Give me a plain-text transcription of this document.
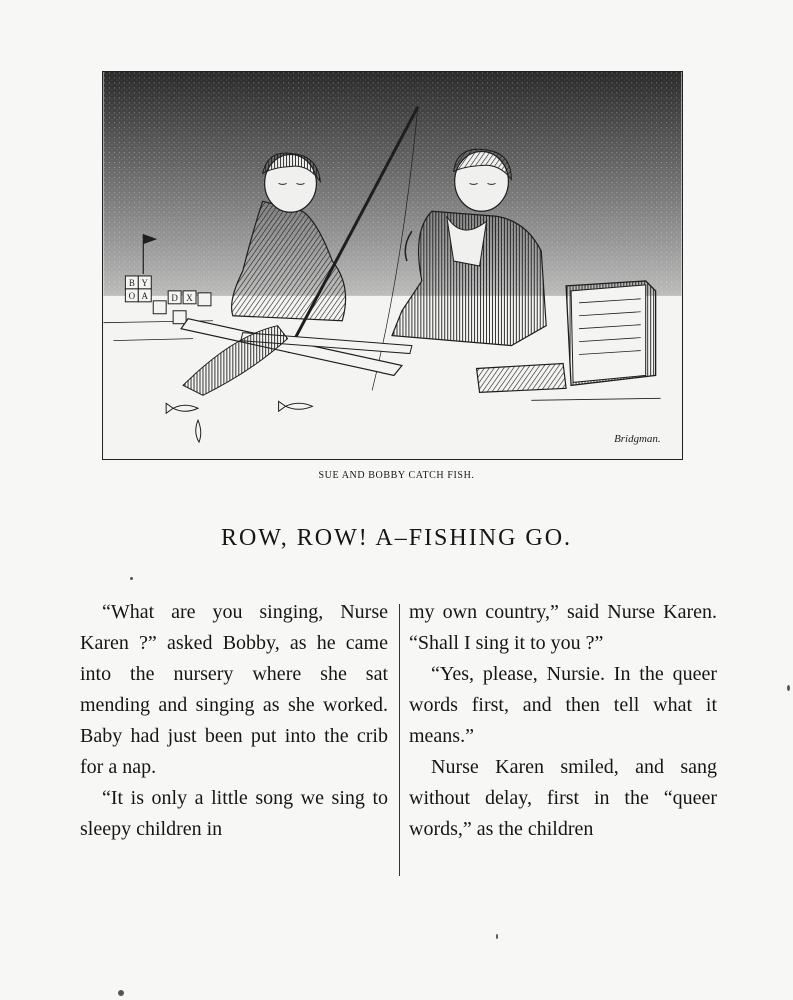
B Y
O A	D X
Bridgman.
SUE AND BOBBY CATCH FISH.
ROW, ROW! A–FISHING GO.

“What are you singing, Nurse Karen ?” asked Bobby, as he came into the nursery where she sat mending and singing as she worked. Baby had just been put into the crib for a nap.

“It is only a little song we sing to sleepy children in

my own country,” said Nurse Karen. “Shall I sing it to you ?”

“Yes, please, Nursie. In the queer words first, and then tell what it means.”

Nurse Karen smiled, and sang without delay, first in the “queer words,” as the children
